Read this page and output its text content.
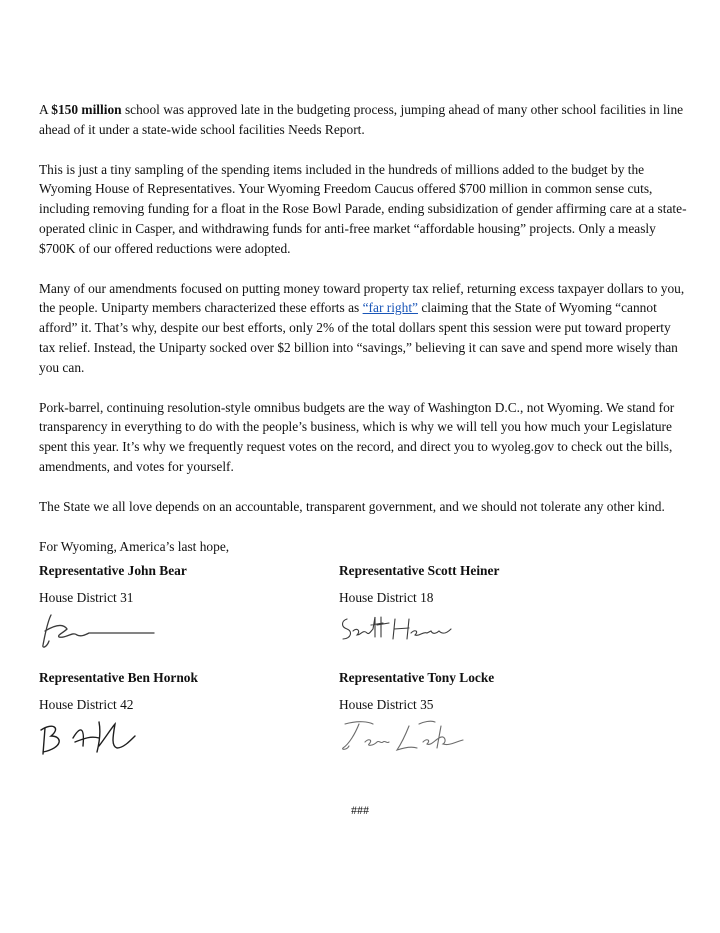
A $150 million school was approved late in the budgeting process, jumping ahead of many other school facilities in line ahead of it under a state-wide school facilities Needs Report.

This is just a tiny sampling of the spending items included in the hundreds of millions added to the budget by the Wyoming House of Representatives. Your Wyoming Freedom Caucus offered $700 million in common sense cuts, including removing funding for a float in the Rose Bowl Parade, ending subsidization of gender affirming care at a state-operated clinic in Casper, and withdrawing funds for anti-free market “affordable housing” projects. Only a measly $700K of our offered reductions were adopted.

Many of our amendments focused on putting money toward property tax relief, returning excess taxpayer dollars to you, the people. Uniparty members characterized these efforts as “far right” claiming that the State of Wyoming “cannot afford” it. That’s why, despite our best efforts, only 2% of the total dollars spent this session were put toward property tax relief. Instead, the Uniparty socked over $2 billion into “savings,” believing it can save and spend more wisely than you can.

Pork-barrel, continuing resolution-style omnibus budgets are the way of Washington D.C., not Wyoming. We stand for transparency in everything to do with the people’s business, which is why we will tell you how much your Legislature spent this year. It’s why we frequently request votes on the record, and direct you to wyoleg.gov to check out the bills, amendments, and votes for yourself.

The State we all love depends on an accountable, transparent government, and we should not tolerate any other kind.

For Wyoming, America’s last hope,

Representative John Bear
House District 31
Representative Scott Heiner
House District 18
Representative Ben Hornok
House District 42
Representative Tony Locke
House District 35
###
